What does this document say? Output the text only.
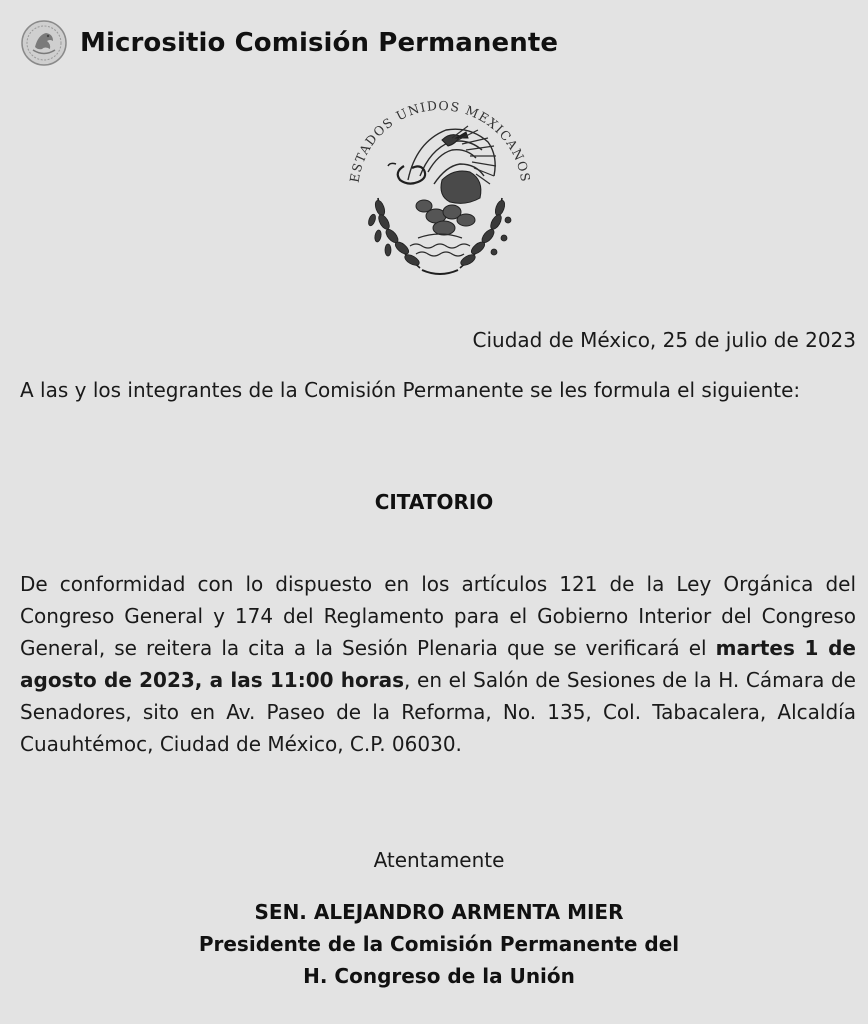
Micrositio Comisión Permanente
ESTADOS UNIDOS MEXICANOS
Ciudad de México, 25 de julio de 2023
A las y los integrantes de la Comisión Permanente se les formula el siguiente:
CITATORIO
De conformidad con lo dispuesto en los artículos 121 de la Ley Orgánica del Congreso General y 174 del Reglamento para el Gobierno Interior del Congreso General, se reitera la cita a la Sesión Plenaria que se verificará el martes 1 de agosto de 2023, a las 11:00 horas, en el Salón de Sesiones de la H. Cámara de Senadores, sito en Av. Paseo de la Reforma, No. 135, Col. Tabacalera, Alcaldía Cuauhtémoc, Ciudad de México, C.P. 06030.
Atentamente
SEN. ALEJANDRO ARMENTA MIER
Presidente de la Comisión Permanente del
H. Congreso de la Unión
